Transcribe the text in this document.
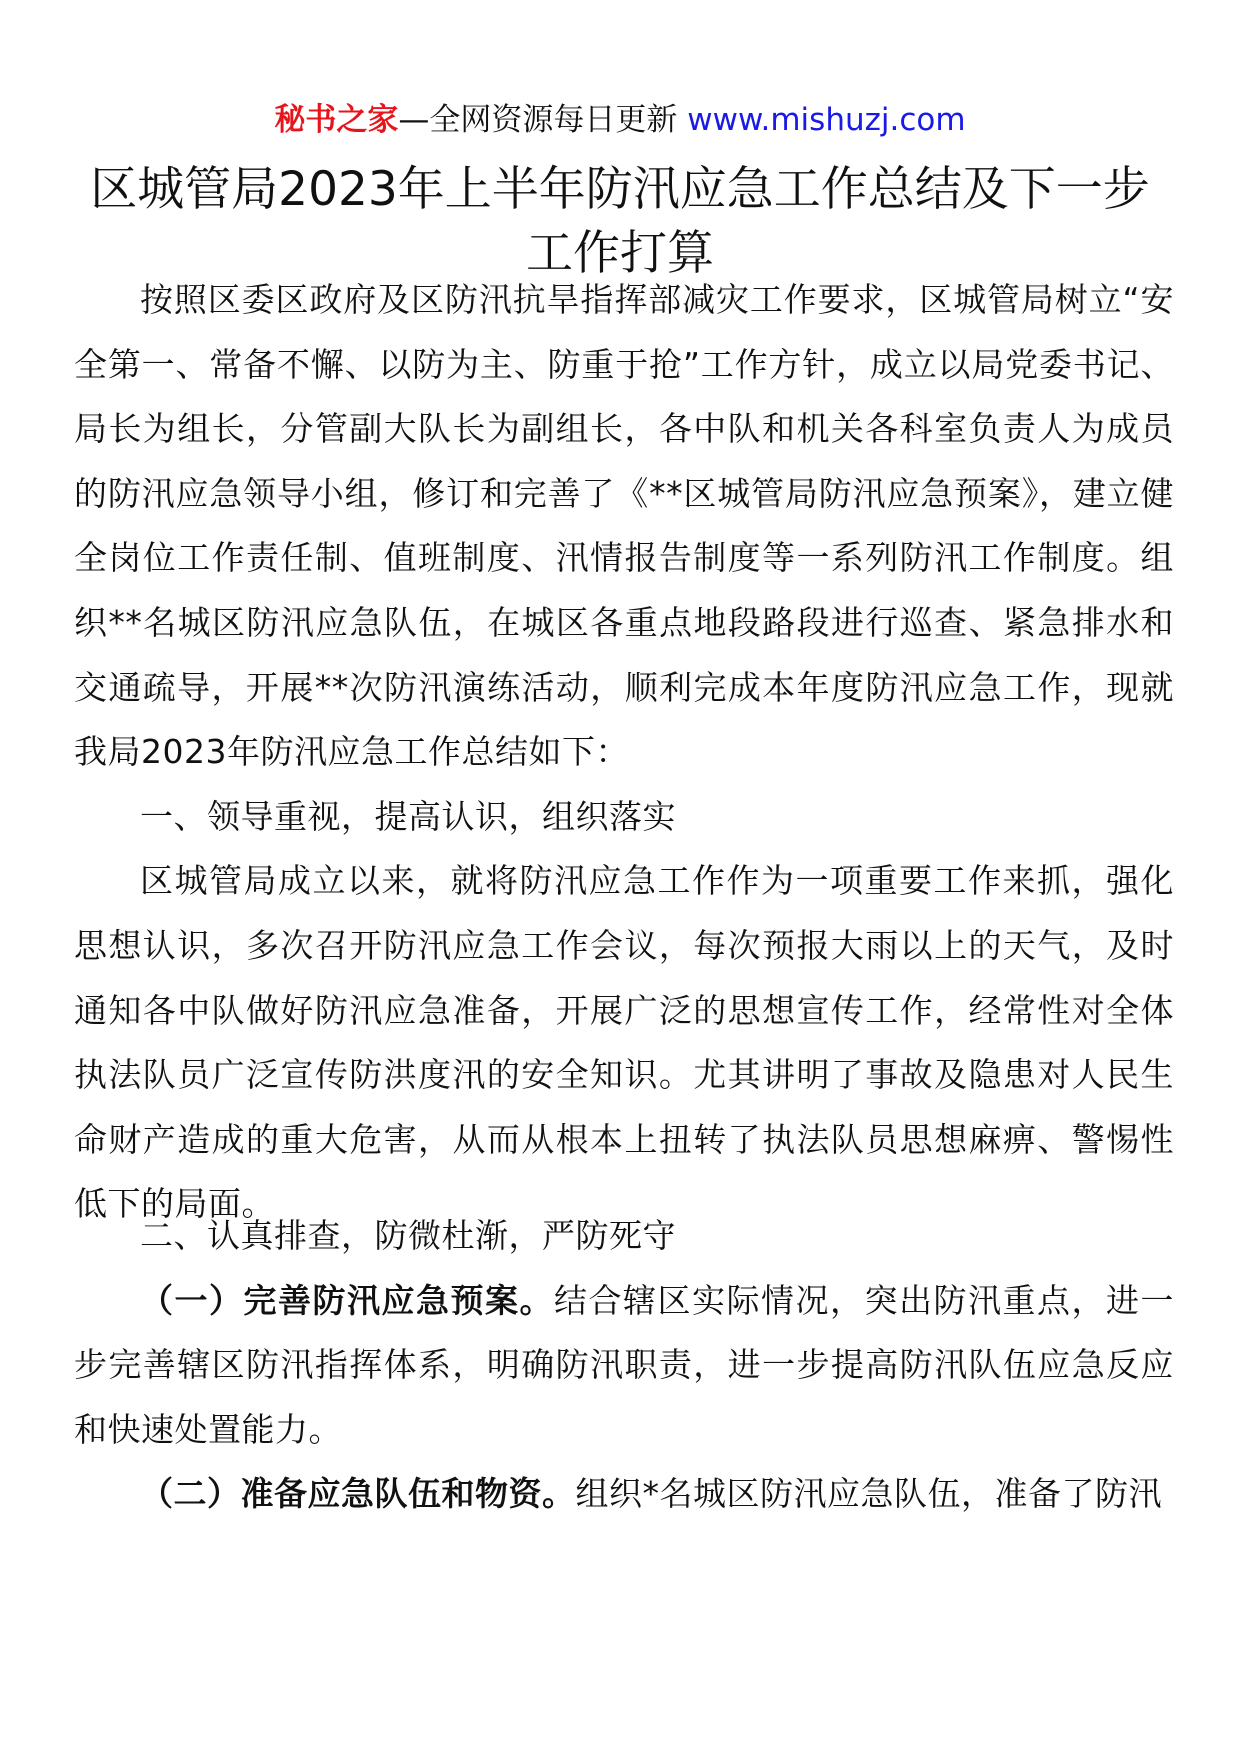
秘书之家—全网资源每日更新 www.mishuzj.com
区城管局2023年上半年防汛应急工作总结及下一步工作打算

按照区委区政府及区防汛抗旱指挥部减灾工作要求，区城管局树立“安全第一、常备不懈、以防为主、防重于抢”工作方针，成立以局党委书记、局长为组长，分管副大队长为副组长，各中队和机关各科室负责人为成员的防汛应急领导小组，修订和完善了《**区城管局防汛应急预案》，建立健全岗位工作责任制、值班制度、汛情报告制度等一系列防汛工作制度。组织**名城区防汛应急队伍，在城区各重点地段路段进行巡查、紧急排水和交通疏导，开展**次防汛演练活动，顺利完成本年度防汛应急工作，现就我局2023年防汛应急工作总结如下：

一、领导重视，提高认识，组织落实

区城管局成立以来，就将防汛应急工作作为一项重要工作来抓，强化思想认识，多次召开防汛应急工作会议，每次预报大雨以上的天气，及时通知各中队做好防汛应急准备，开展广泛的思想宣传工作，经常性对全体执法队员广泛宣传防洪度汛的安全知识。尤其讲明了事故及隐患对人民生命财产造成的重大危害，从而从根本上扭转了执法队员思想麻痹、警惕性低下的局面。

二、认真排查，防微杜渐，严防死守

（一）完善防汛应急预案。结合辖区实际情况，突出防汛重点，进一步完善辖区防汛指挥体系，明确防汛职责，进一步提高防汛队伍应急反应和快速处置能力。

（二）准备应急队伍和物资。组织*名城区防汛应急队伍，准备了防汛
